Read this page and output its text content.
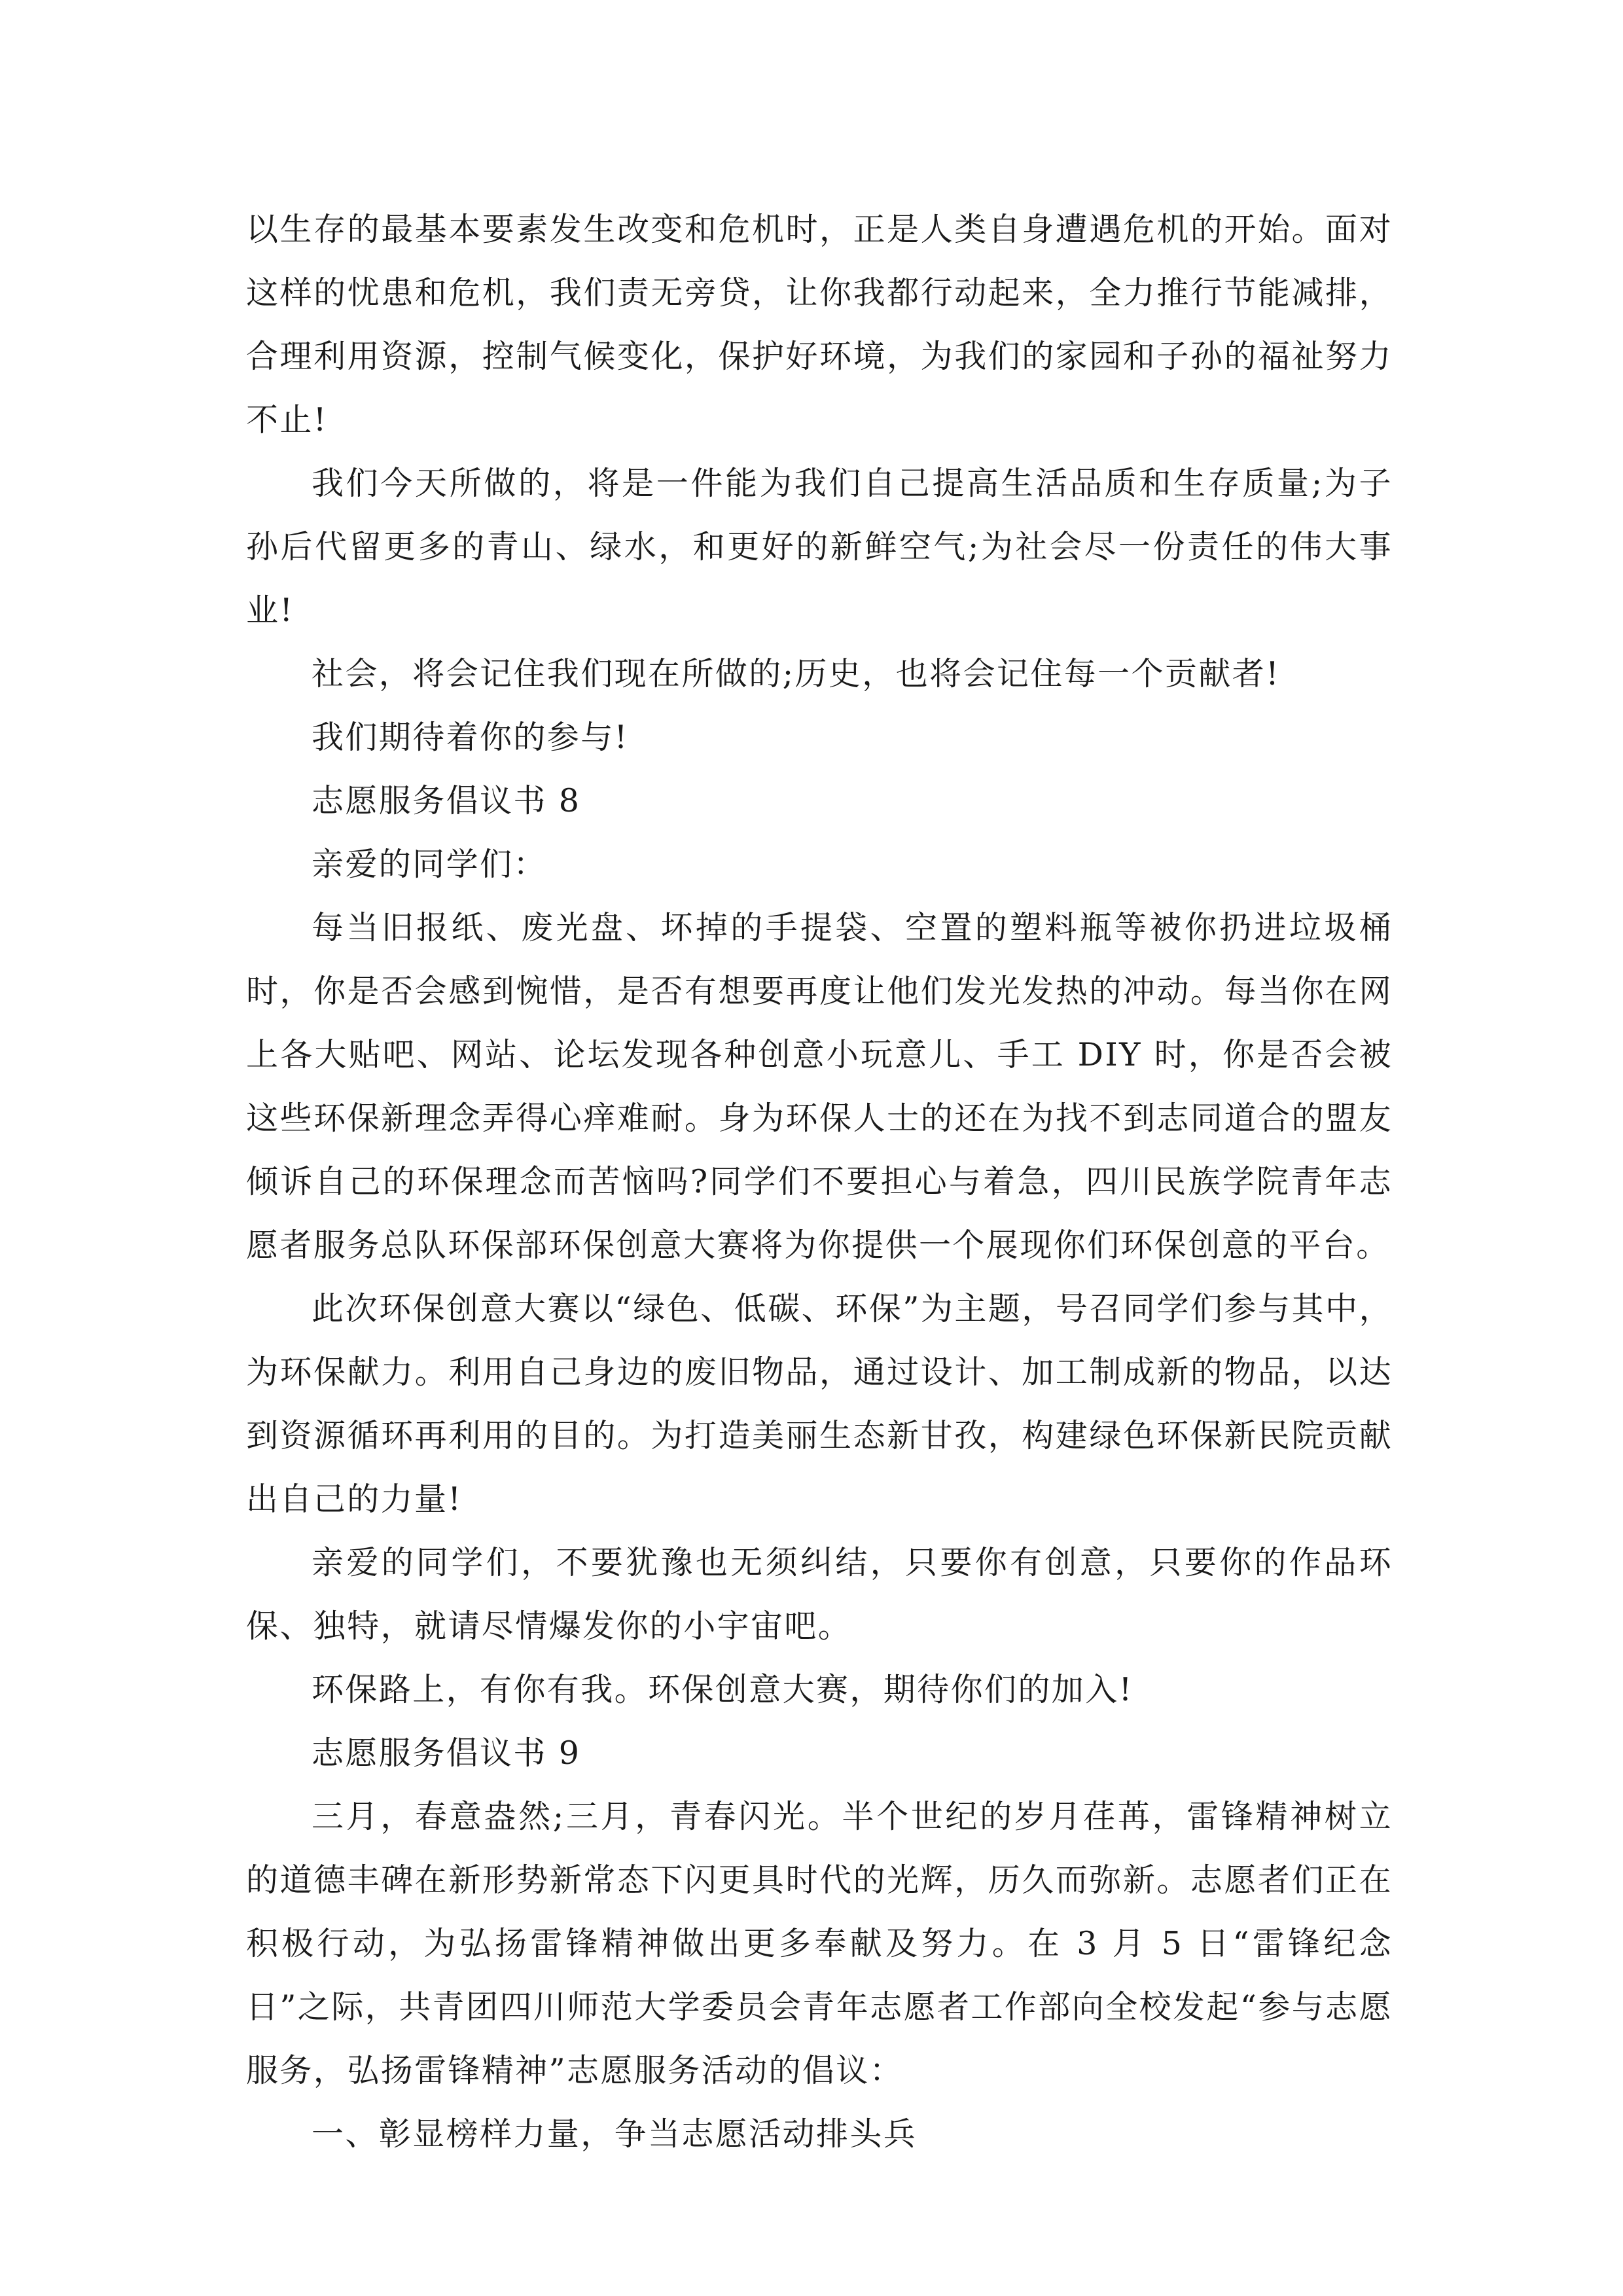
以生存的最基本要素发生改变和危机时，正是人类自身遭遇危机的开始。面对这样的忧患和危机，我们责无旁贷，让你我都行动起来，全力推行节能减排，合理利用资源，控制气候变化，保护好环境，为我们的家园和子孙的福祉努力不止!

我们今天所做的，将是一件能为我们自己提高生活品质和生存质量;为子孙后代留更多的青山、绿水，和更好的新鲜空气;为社会尽一份责任的伟大事业!

社会，将会记住我们现在所做的;历史，也将会记住每一个贡献者!

我们期待着你的参与!

志愿服务倡议书 8

亲爱的同学们：

每当旧报纸、废光盘、坏掉的手提袋、空置的塑料瓶等被你扔进垃圾桶时，你是否会感到惋惜，是否有想要再度让他们发光发热的冲动。每当你在网上各大贴吧、网站、论坛发现各种创意小玩意儿、手工 DIY 时，你是否会被这些环保新理念弄得心痒难耐。身为环保人士的还在为找不到志同道合的盟友倾诉自己的环保理念而苦恼吗?同学们不要担心与着急，四川民族学院青年志愿者服务总队环保部环保创意大赛将为你提供一个展现你们环保创意的平台。

此次环保创意大赛以“绿色、低碳、环保”为主题，号召同学们参与其中，为环保献力。利用自己身边的废旧物品，通过设计、加工制成新的物品，以达到资源循环再利用的目的。为打造美丽生态新甘孜，构建绿色环保新民院贡献出自己的力量!

亲爱的同学们，不要犹豫也无须纠结，只要你有创意，只要你的作品环保、独特，就请尽情爆发你的小宇宙吧。

环保路上，有你有我。环保创意大赛，期待你们的加入!

志愿服务倡议书 9

三月，春意盎然;三月，青春闪光。半个世纪的岁月荏苒，雷锋精神树立的道德丰碑在新形势新常态下闪更具时代的光辉，历久而弥新。志愿者们正在积极行动，为弘扬雷锋精神做出更多奉献及努力。在 3 月 5 日“雷锋纪念日”之际，共青团四川师范大学委员会青年志愿者工作部向全校发起“参与志愿服务，弘扬雷锋精神”志愿服务活动的倡议：

一、彰显榜样力量，争当志愿活动排头兵
